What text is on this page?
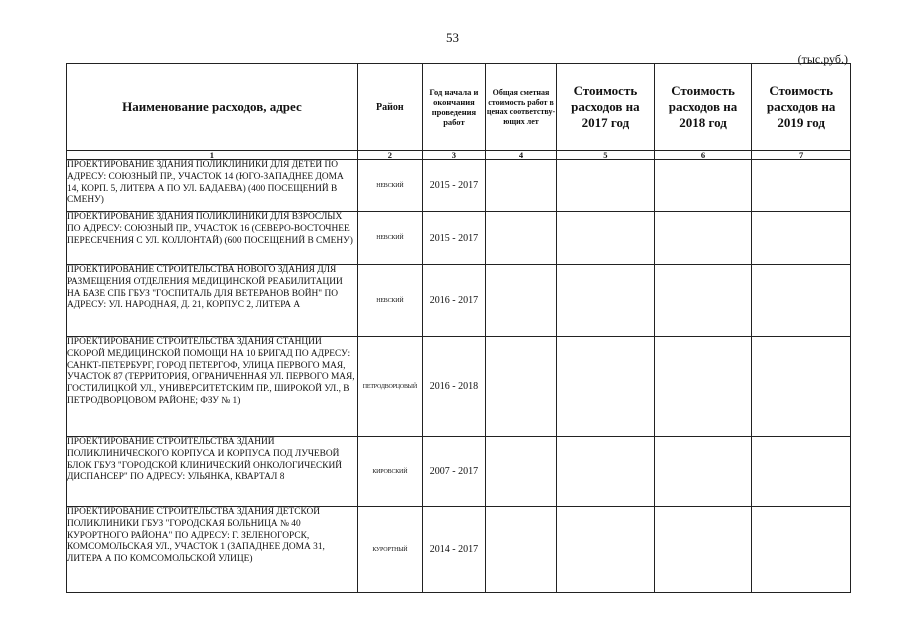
53
(тыс.руб.)
Наименование расходов, адрес	Район	Год начала и окончания проведения работ	Общая сметная стоимость работ в ценах соответству-ющих лет	Стоимость расходов на 2017 год	Стоимость расходов на 2018 год	Стоимость расходов на 2019 год
1	2	3	4	5	6	7
ПРОЕКТИРОВАНИЕ ЗДАНИЯ ПОЛИКЛИНИКИ ДЛЯ ДЕТЕЙ ПО АДРЕСУ: СОЮЗНЫЙ ПР., УЧАСТОК 14 (ЮГО-ЗАПАДНЕЕ ДОМА 14, КОРП. 5, ЛИТЕРА А ПО УЛ. БАДАЕВА) (400 ПОСЕЩЕНИЙ В СМЕНУ)	НЕВСКИЙ	2015 - 2017				
ПРОЕКТИРОВАНИЕ ЗДАНИЯ ПОЛИКЛИНИКИ ДЛЯ ВЗРОСЛЫХ ПО АДРЕСУ: СОЮЗНЫЙ ПР., УЧАСТОК 16 (СЕВЕРО-ВОСТОЧНЕЕ ПЕРЕСЕЧЕНИЯ С УЛ. КОЛЛОНТАЙ) (600 ПОСЕЩЕНИЙ В СМЕНУ)	НЕВСКИЙ	2015 - 2017				
ПРОЕКТИРОВАНИЕ СТРОИТЕЛЬСТВА НОВОГО ЗДАНИЯ ДЛЯ РАЗМЕЩЕНИЯ ОТДЕЛЕНИЯ МЕДИЦИНСКОЙ РЕАБИЛИТАЦИИ НА БАЗЕ СПБ ГБУЗ "ГОСПИТАЛЬ ДЛЯ ВЕТЕРАНОВ ВОЙН" ПО АДРЕСУ: УЛ. НАРОДНАЯ, Д. 21, КОРПУС 2, ЛИТЕРА А	НЕВСКИЙ	2016 - 2017				
ПРОЕКТИРОВАНИЕ СТРОИТЕЛЬСТВА ЗДАНИЯ СТАНЦИИ СКОРОЙ МЕДИЦИНСКОЙ ПОМОЩИ НА 10 БРИГАД ПО АДРЕСУ: САНКТ-ПЕТЕРБУРГ, ГОРОД ПЕТЕРГОФ, УЛИЦА ПЕРВОГО МАЯ, УЧАСТОК 87 (ТЕРРИТОРИЯ, ОГРАНИЧЕННАЯ УЛ. ПЕРВОГО МАЯ, ГОСТИЛИЦКОЙ УЛ., УНИВЕРСИТЕТСКИМ ПР., ШИРОКОЙ УЛ., В ПЕТРОДВОРЦОВОМ РАЙОНЕ; ФЗУ № 1)	ПЕТРОДВОРЦОВЫЙ	2016 - 2018				
ПРОЕКТИРОВАНИЕ СТРОИТЕЛЬСТВА ЗДАНИЙ ПОЛИКЛИНИЧЕСКОГО КОРПУСА И КОРПУСА ПОД ЛУЧЕВОЙ БЛОК ГБУЗ "ГОРОДСКОЙ КЛИНИЧЕСКИЙ ОНКОЛОГИЧЕСКИЙ ДИСПАНСЕР" ПО АДРЕСУ: УЛЬЯНКА, КВАРТАЛ 8	КИРОВСКИЙ	2007 - 2017				
ПРОЕКТИРОВАНИЕ СТРОИТЕЛЬСТВА ЗДАНИЯ ДЕТСКОЙ ПОЛИКЛИНИКИ ГБУЗ "ГОРОДСКАЯ БОЛЬНИЦА № 40 КУРОРТНОГО РАЙОНА" ПО АДРЕСУ: Г. ЗЕЛЕНОГОРСК, КОМСОМОЛЬСКАЯ УЛ., УЧАСТОК 1 (ЗАПАДНЕЕ ДОМА 31, ЛИТЕРА А ПО КОМСОМОЛЬСКОЙ УЛИЦЕ)	КУРОРТНЫЙ	2014 - 2017				
